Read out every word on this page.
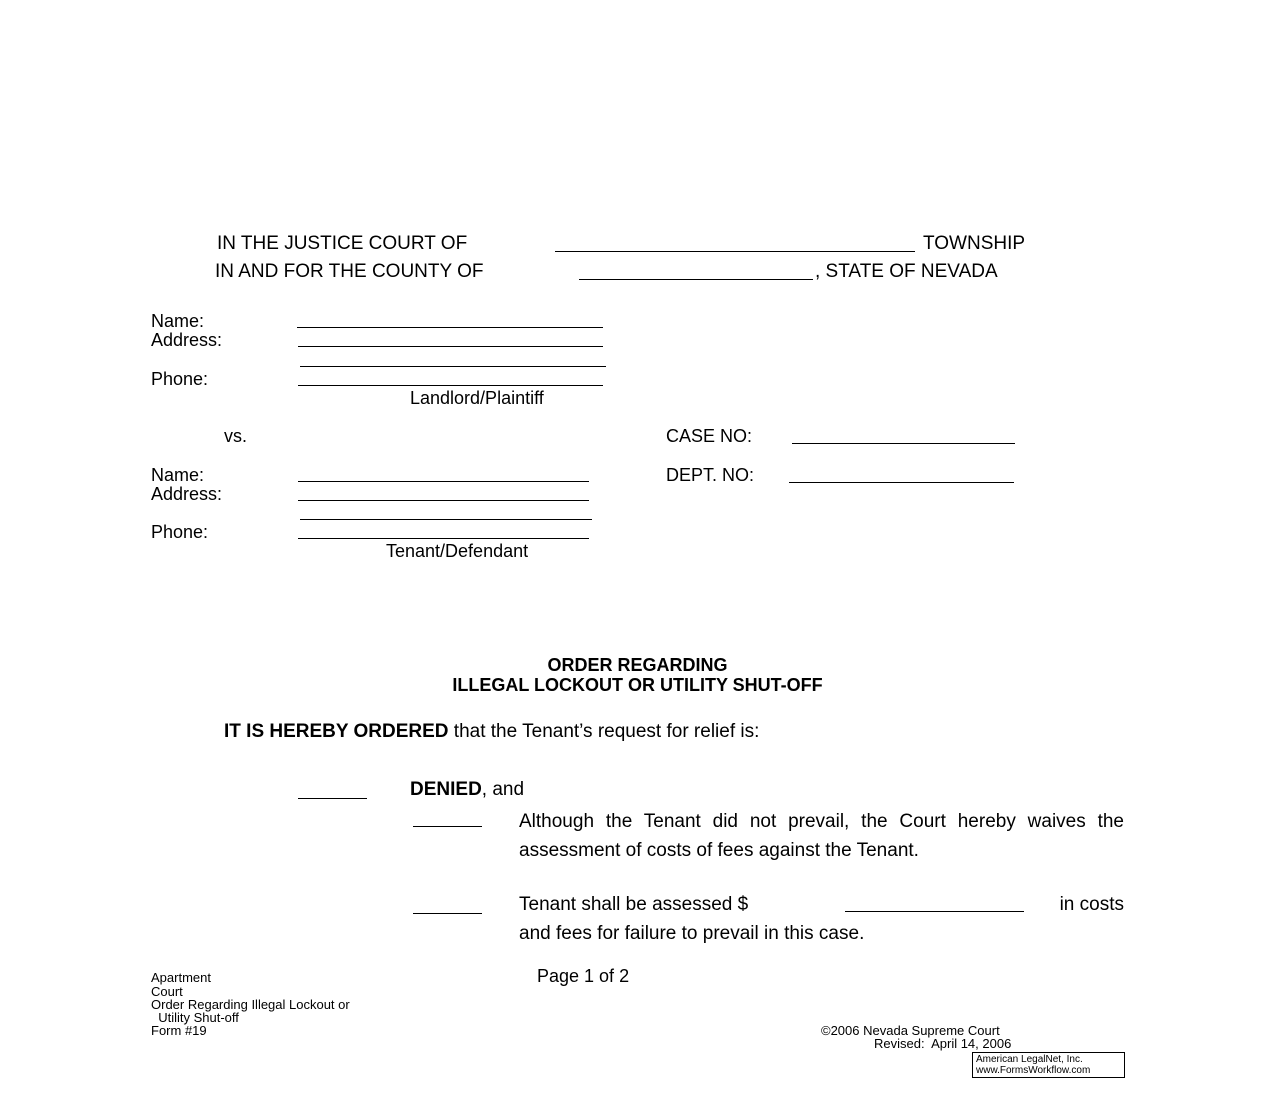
IN THE JUSTICE COURT OF	TOWNSHIP
IN AND FOR THE COUNTY OF	, STATE OF NEVADA
Name:
Address:
Phone:
Landlord/Plaintiff
vs.	CASE NO:
DEPT. NO:
Name:
Address:
Phone:
Tenant/Defendant
ORDER REGARDING
ILLEGAL LOCKOUT OR UTILITY SHUT-OFF
IT IS HEREBY ORDERED that the Tenant’s request for relief is:
DENIED, and
Although the Tenant did not prevail, the Court hereby waives the assessment of costs of fees against the Tenant.
Tenant shall be assessed $	in costs
and fees for failure to prevail in this case.
Page 1 of 2
Apartment
Court
Order Regarding Illegal Lockout or
Utility Shut-off
Form #19	©2006 Nevada Supreme Court
Revised:  April 14, 2006
American LegalNet, Inc.
www.FormsWorkflow.com
